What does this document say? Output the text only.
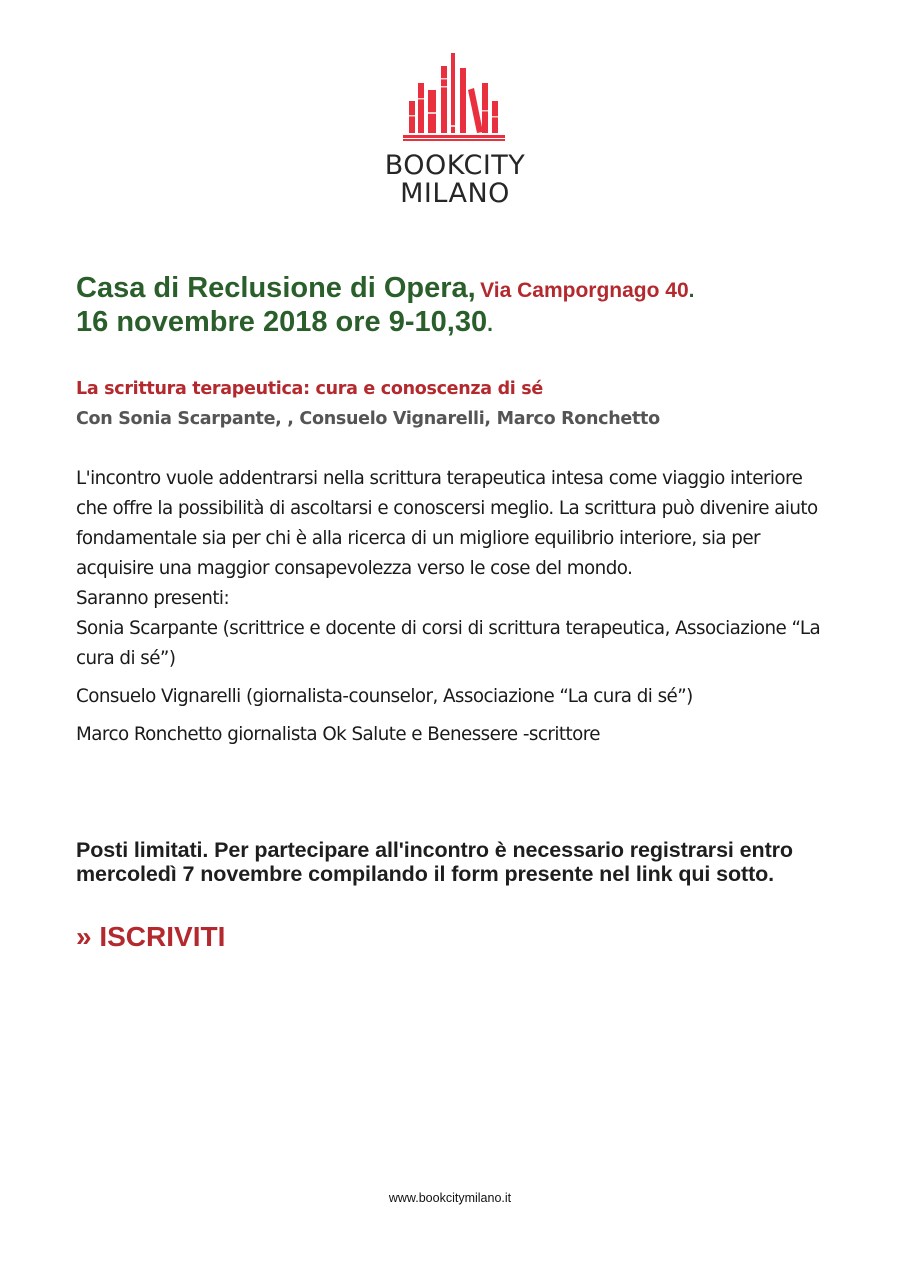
BOOKCITY
MILANO
Casa di Reclusione di Opera, Via Camporgnago 40.
16 novembre 2018 ore 9-10,30.
La scrittura terapeutica: cura e conoscenza di sé
Con Sonia Scarpante, , Consuelo Vignarelli, Marco Ronchetto

L'incontro vuole addentrarsi nella scrittura terapeutica intesa come viaggio interiore che offre la possibilità di ascoltarsi e conoscersi meglio. La scrittura può divenire aiuto fondamentale sia per chi è alla ricerca di un migliore equilibrio interiore, sia per acquisire una maggior consapevolezza verso le cose del mondo.

Saranno presenti:

Sonia Scarpante (scrittrice e docente di corsi di scrittura terapeutica, Associazione “La cura di sé”)

Consuelo Vignarelli (giornalista-counselor, Associazione “La cura di sé”)

Marco Ronchetto giornalista Ok Salute e Benessere -scrittore

Posti limitati. Per partecipare all'incontro è necessario registrarsi entro mercoledì 7 novembre compilando il form presente nel link qui sotto.
» ISCRIVITI
www.bookcitymilano.it
